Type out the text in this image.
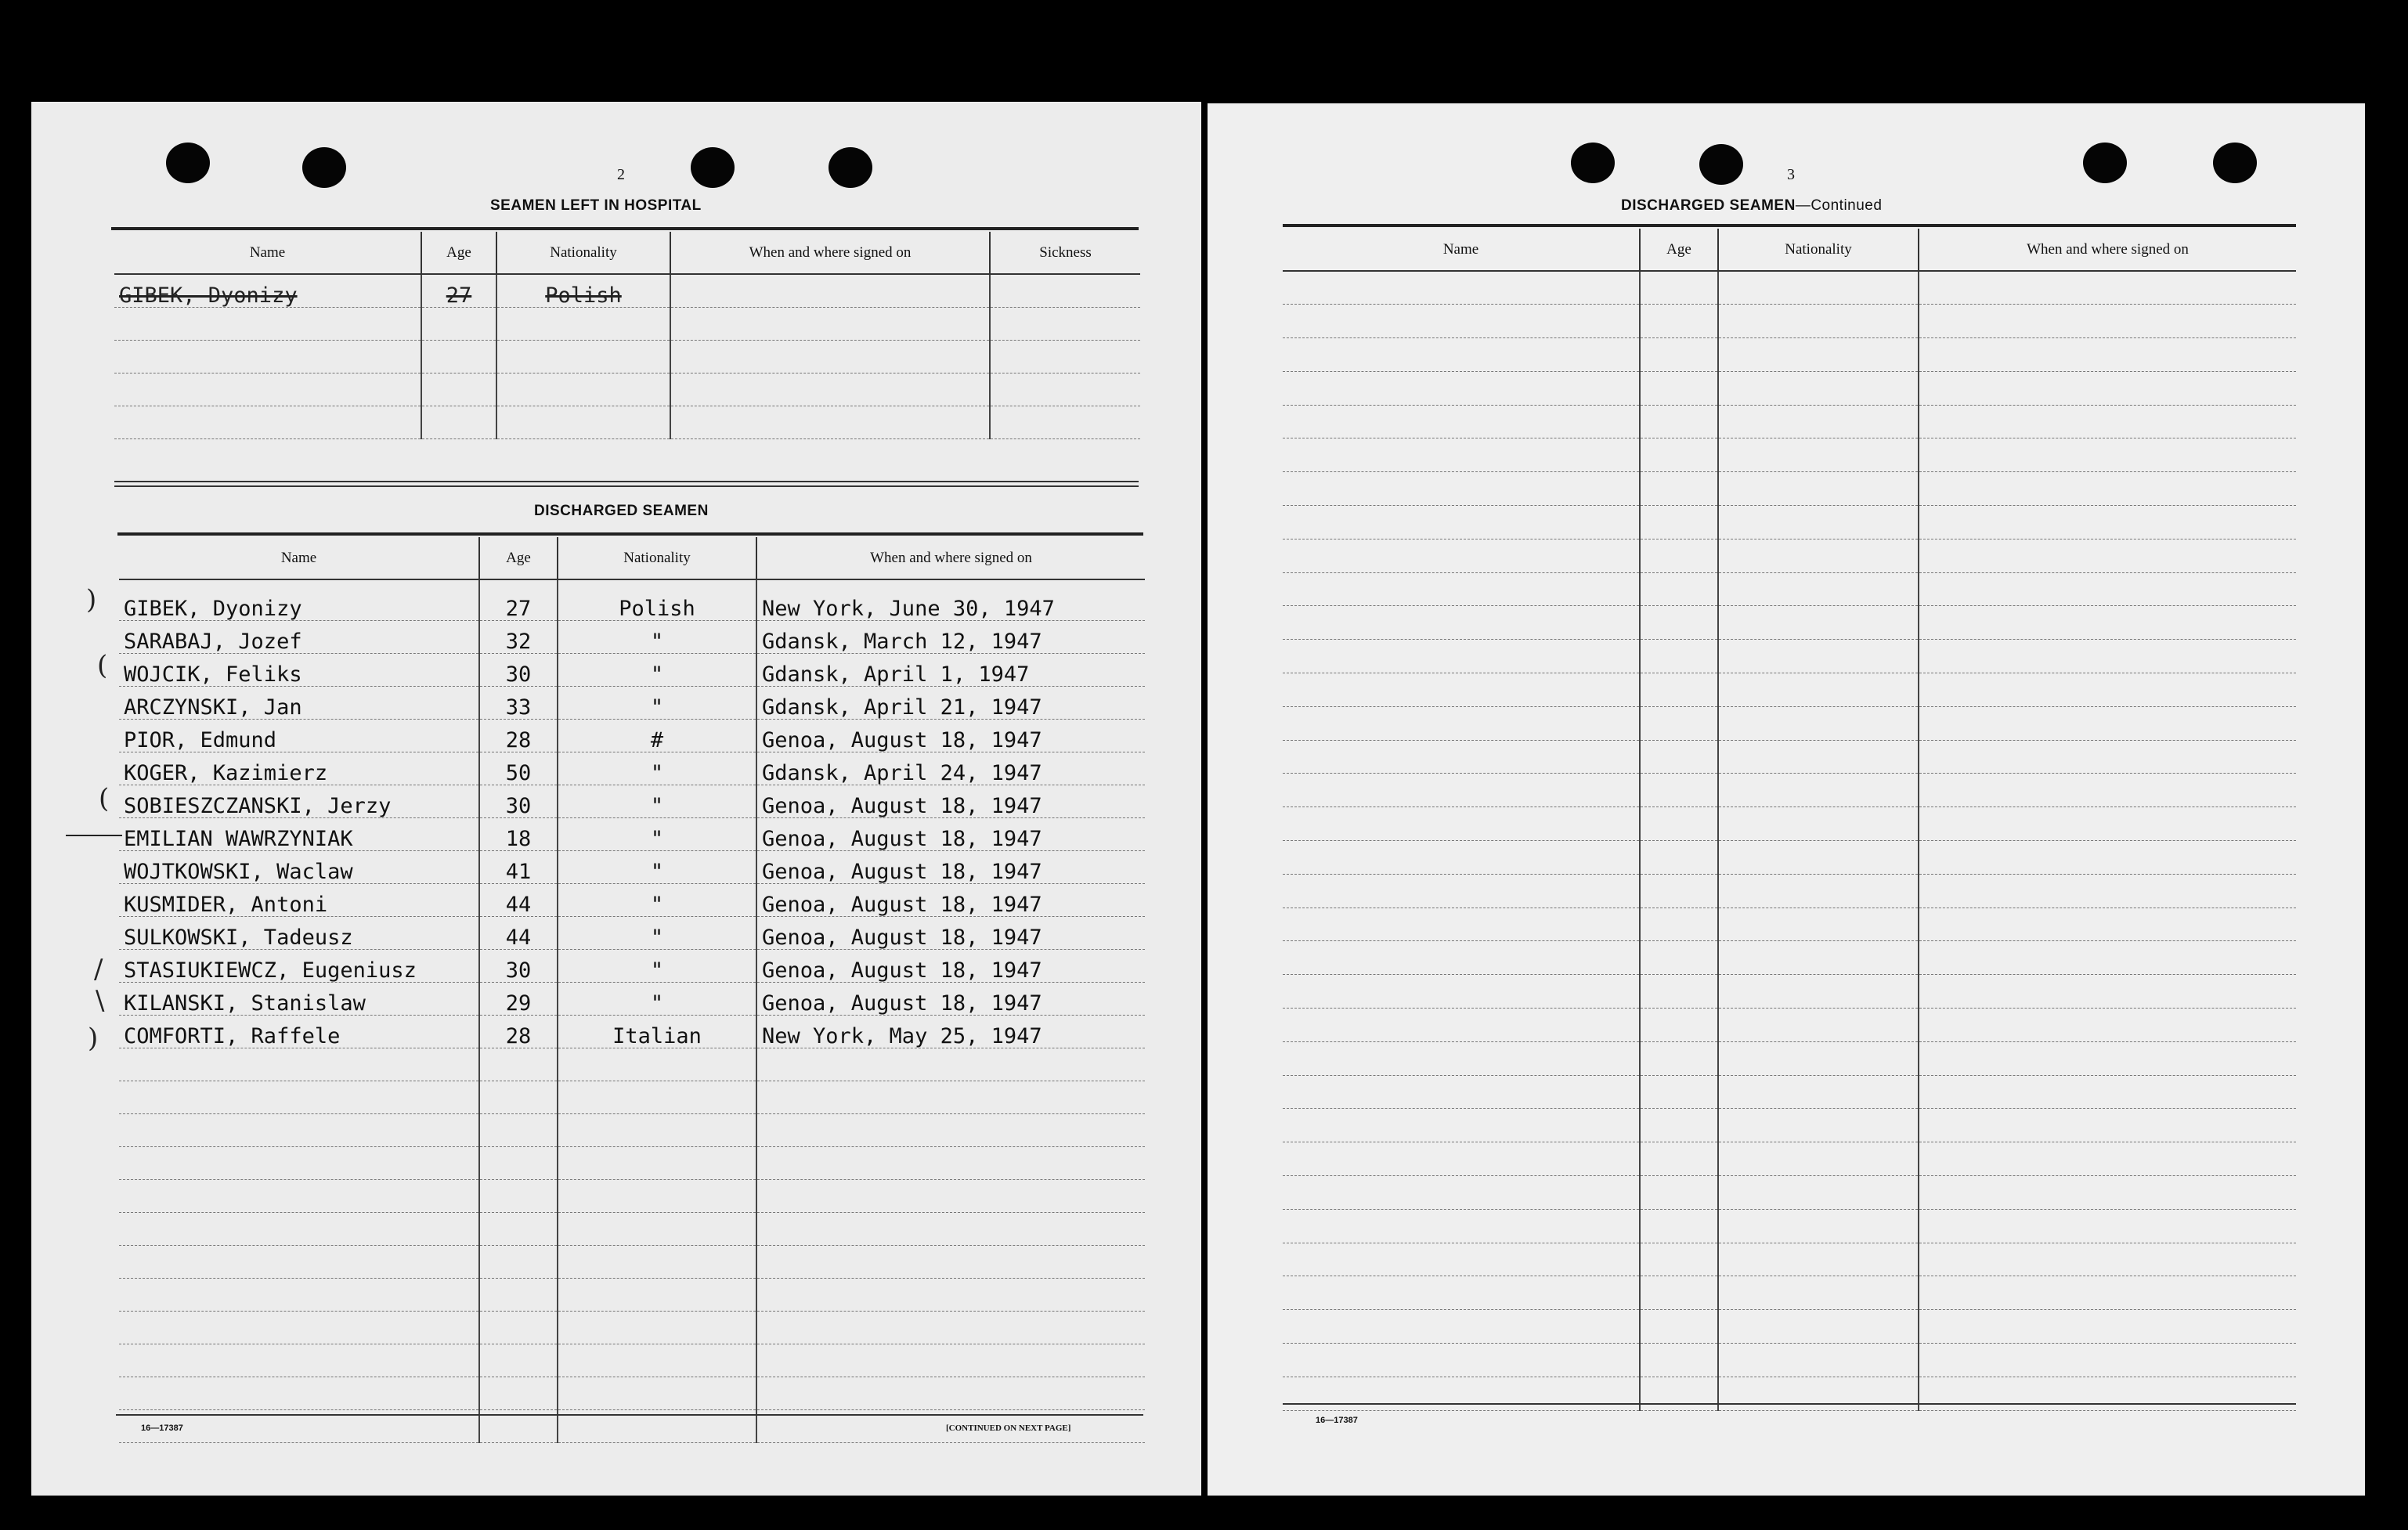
2
SEAMEN LEFT IN HOSPITAL
Name	Age	Nationality	When and where signed on	Sickness
GIBEK, Dyonizy	27	Polish		

DISCHARGED SEAMEN
Name	Age	Nationality	When and where signed on
GIBEK, Dyonizy	27	Polish	New York, June 30, 1947
SARABAJ, Jozef	32	"	Gdansk, March 12, 1947
WOJCIK, Feliks	30	"	Gdansk, April 1, 1947
ARCZYNSKI, Jan	33	"	Gdansk, April 21, 1947
PIOR, Edmund	28	#	Genoa, August 18, 1947
KOGER, Kazimierz	50	"	Gdansk, April 24, 1947
SOBIESZCZANSKI, Jerzy	30	"	Genoa, August 18, 1947
EMILIAN WAWRZYNIAK	18	"	Genoa, August 18, 1947
WOJTKOWSKI, Waclaw	41	"	Genoa, August 18, 1947
KUSMIDER, Antoni	44	"	Genoa, August 18, 1947
SULKOWSKI, Tadeusz	44	"	Genoa, August 18, 1947
STASIUKIEWCZ, Eugeniusz	30	"	Genoa, August 18, 1947
KILANSKI, Stanislaw	29	"	Genoa, August 18, 1947
COMFORTI, Raffele	28	Italian	New York, May 25, 1947

)
(
(
/
\
)
16—17387	[CONTINUED ON NEXT PAGE]
3
DISCHARGED SEAMEN—Continued
Name	Age	Nationality	When and where signed on

16—17387
